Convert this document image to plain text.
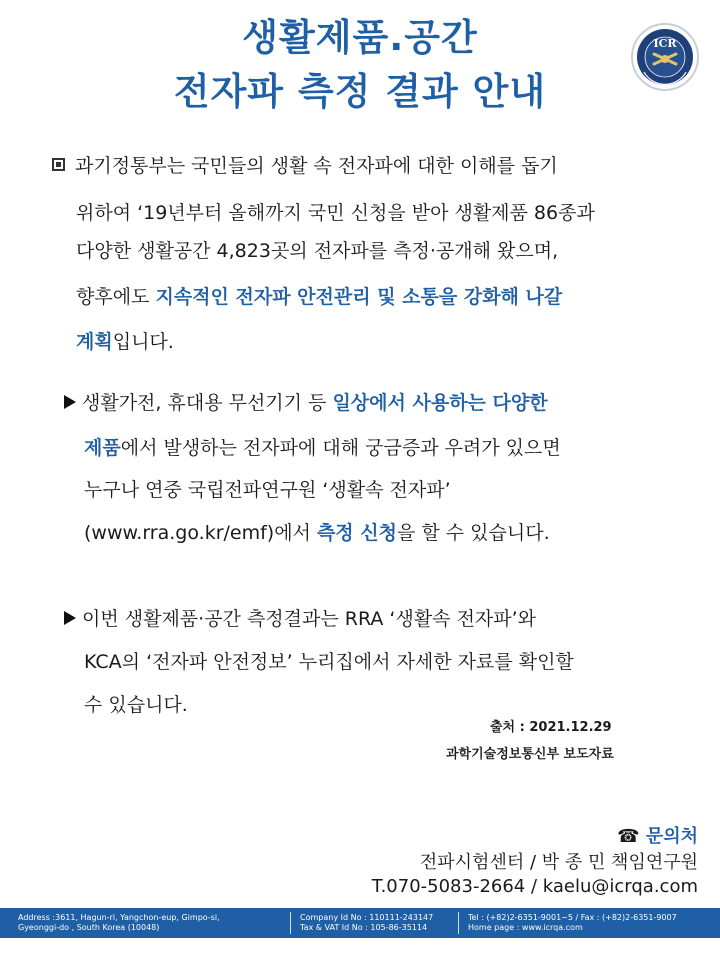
생활제품.공간
전자파 측정 결과 안내
ICR
과기정통부는 국민들의 생활 속 전자파에 대한 이해를 돕기
위하여 ‘19년부터 올해까지 국민 신청을 받아 생활제품 86종과
다양한 생활공간 4,823곳의 전자파를 측정·공개해 왔으며,
향후에도 지속적인 전자파 안전관리 및 소통을 강화해 나갈
계획입니다.
생활가전, 휴대용 무선기기 등 일상에서 사용하는 다양한
제품에서 발생하는 전자파에 대해 궁금증과 우려가 있으면
누구나 연중 국립전파연구원 ‘생활속 전자파’
(www.rra.go.kr/emf)에서 측정 신청을 할 수 있습니다.
이번 생활제품·공간 측정결과는 RRA ‘생활속 전자파’와
KCA의 ‘전자파 안전정보’ 누리집에서 자세한 자료를 확인할
수 있습니다.
출처 : 2021.12.29
과학기술정보통신부 보도자료
☎ 문의처
전파시험센터 / 박 종 민 책임연구원
T.070-5083-2664 / kaelu@icrqa.com
Address :3611, Hagun-ri, Yangchon-eup, Gimpo-si,
Gyeonggi-do , South Korea (10048)
Company Id No : 110111-243147
Tax & VAT Id No : 105-86-35114
Tel : (+82)2-6351-9001~5 / Fax : (+82)2-6351-9007
Home page : www.icrqa.com
